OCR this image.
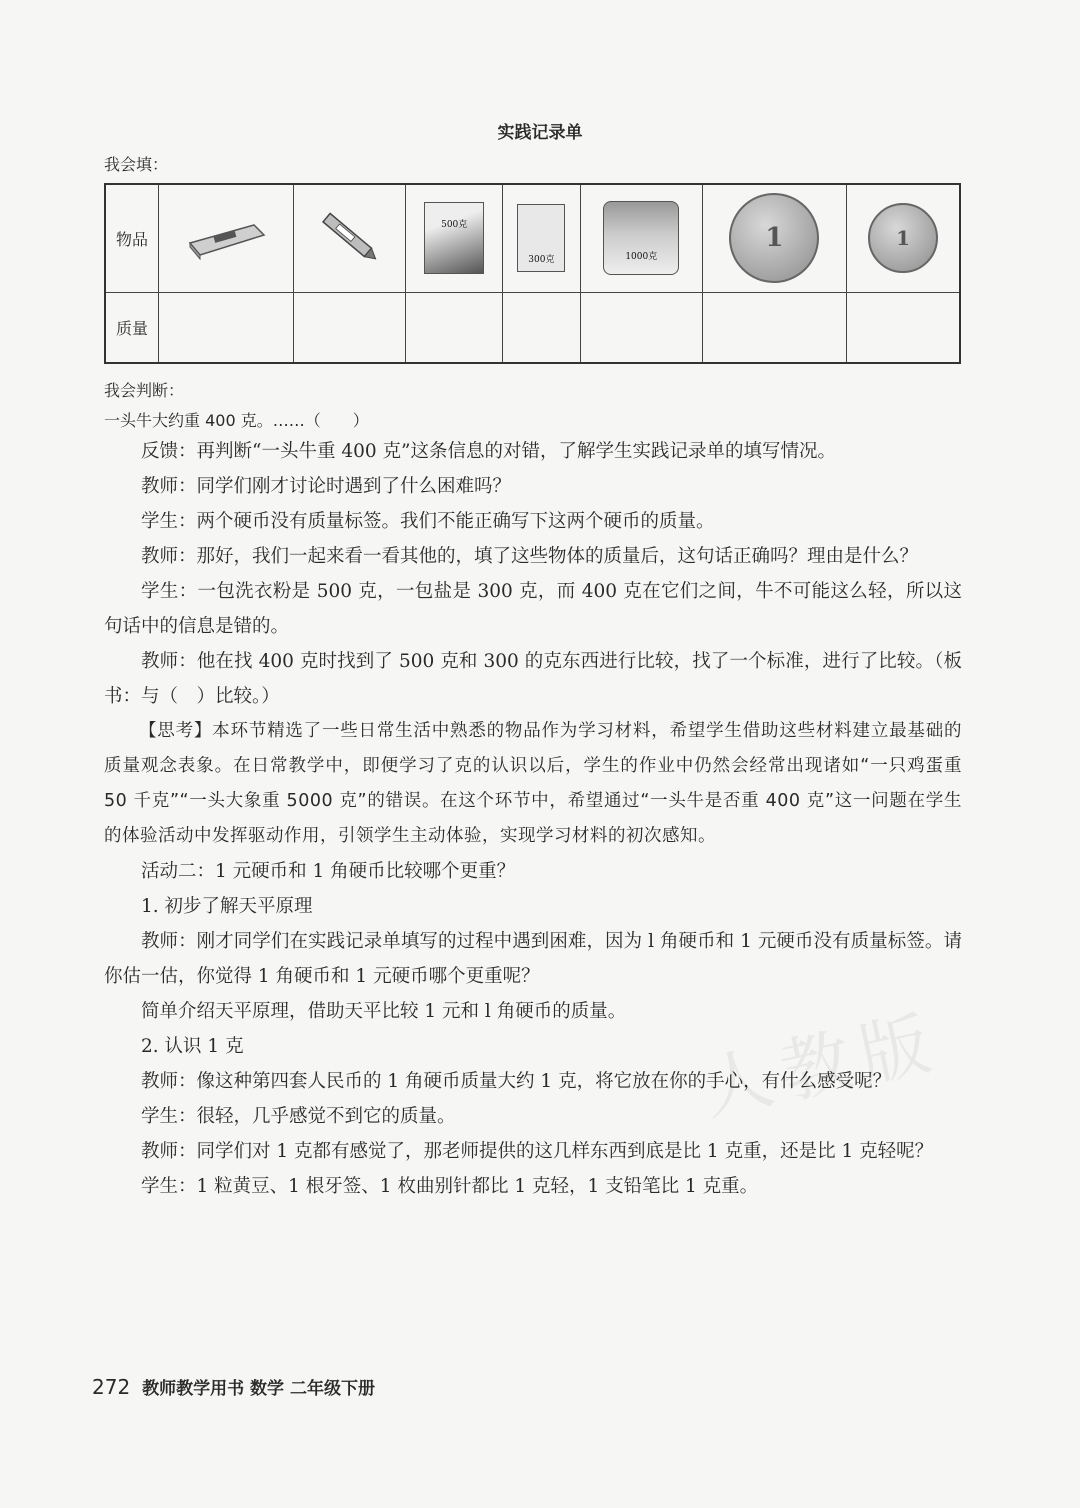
人教版
实践记录单
我会填：
物品			500克	300克	1000克	1	1

质量							
我会判断：
一头牛大约重 400 克。……（　　）

反馈：再判断“一头牛重 400 克”这条信息的对错，了解学生实践记录单的填写情况。

教师：同学们刚才讨论时遇到了什么困难吗？

学生：两个硬币没有质量标签。我们不能正确写下这两个硬币的质量。

教师：那好，我们一起来看一看其他的，填了这些物体的质量后，这句话正确吗？理由是什么？

学生：一包洗衣粉是 500 克，一包盐是 300 克，而 400 克在它们之间，牛不可能这么轻，所以这句话中的信息是错的。

教师：他在找 400 克时找到了 500 克和 300 的克东西进行比较，找了一个标准，进行了比较。（板书：与（　）比较。）

【思考】本环节精选了一些日常生活中熟悉的物品作为学习材料，希望学生借助这些材料建立最基础的质量观念表象。在日常教学中，即便学习了克的认识以后，学生的作业中仍然会经常出现诸如“一只鸡蛋重 50 千克”“一头大象重 5000 克”的错误。在这个环节中，希望通过“一头牛是否重 400 克”这一问题在学生的体验活动中发挥驱动作用，引领学生主动体验，实现学习材料的初次感知。

活动二：1 元硬币和 1 角硬币比较哪个更重？

1. 初步了解天平原理

教师：刚才同学们在实践记录单填写的过程中遇到困难，因为 l 角硬币和 1 元硬币没有质量标签。请你估一估，你觉得 1 角硬币和 1 元硬币哪个更重呢？

简单介绍天平原理，借助天平比较 1 元和 l 角硬币的质量。

2. 认识 1 克

教师：像这种第四套人民币的 1 角硬币质量大约 1 克，将它放在你的手心，有什么感受呢？

学生：很轻，几乎感觉不到它的质量。

教师：同学们对 1 克都有感觉了，那老师提供的这几样东西到底是比 1 克重，还是比 1 克轻呢？

学生：1 粒黄豆、1 根牙签、1 枚曲别针都比 1 克轻，1 支铅笔比 1 克重。

272 教师教学用书 数学 二年级下册
